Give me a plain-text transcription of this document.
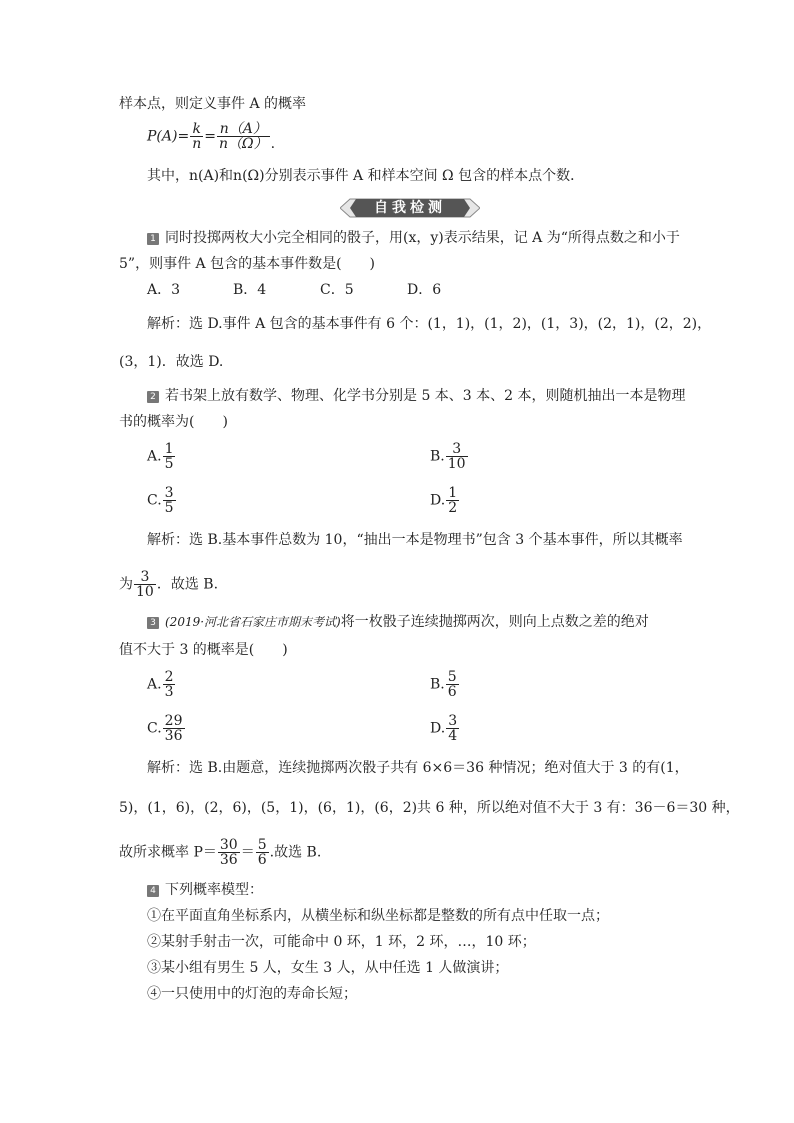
样本点，则定义事件 A 的概率
$P(A)= \frac{k}{n} = \frac{n(A)}{n(\Omega)}$ .
其中，n(A)和n(Ω)分别表示事件 A 和样本空间 Ω 包含的样本点个数．
自我检测
1 同时投掷两枚大小完全相同的骰子，用(x，y)表示结果，记 A 为“所得点数之和小于
5”，则事件 A 包含的基本事件数是(　　)
A．3	B．4	C．5	D．6
解析：选 D.事件 A 包含的基本事件有 6 个：(1，1)，(1，2)，(1，3)，(2，1)，(2，2)，
(3，1)．故选 D.
2 若书架上放有数学、物理、化学书分别是 5 本、3 本、2 本，则随机抽出一本是物理
书的概率为(　　)
A. $\frac{1}{5}$	B. $\frac{3}{10}$
C. $\frac{3}{5}$	D. $\frac{1}{2}$
解析：选 B.基本事件总数为 10，“抽出一本是物理书”包含 3 个基本事件，所以其概率
为 $\frac{3}{10}$ ．故选 B.
3 (2019·河北省石家庄市期末考试)将一枚骰子连续抛掷两次，则向上点数之差的绝对
值不大于 3 的概率是(　　)
A. $\frac{2}{3}$	B. $\frac{5}{6}$
C. $\frac{29}{36}$	D. $\frac{3}{4}$
解析：选 B.由题意，连续抛掷两次骰子共有 6×6＝36 种情况；绝对值大于 3 的有(1，
5)，(1，6)，(2，6)，(5，1)，(6，1)，(6，2)共 6 种，所以绝对值不大于 3 有：36－6＝30 种，
故所求概率 $P= \frac{30}{36} = \frac{5}{6}$ .故选 B.
4 下列概率模型：
①在平面直角坐标系内，从横坐标和纵坐标都是整数的所有点中任取一点；
②某射手射击一次，可能命中 0 环，1 环，2 环，…，10 环；
③某小组有男生 5 人，女生 3 人，从中任选 1 人做演讲；
④一只使用中的灯泡的寿命长短；
